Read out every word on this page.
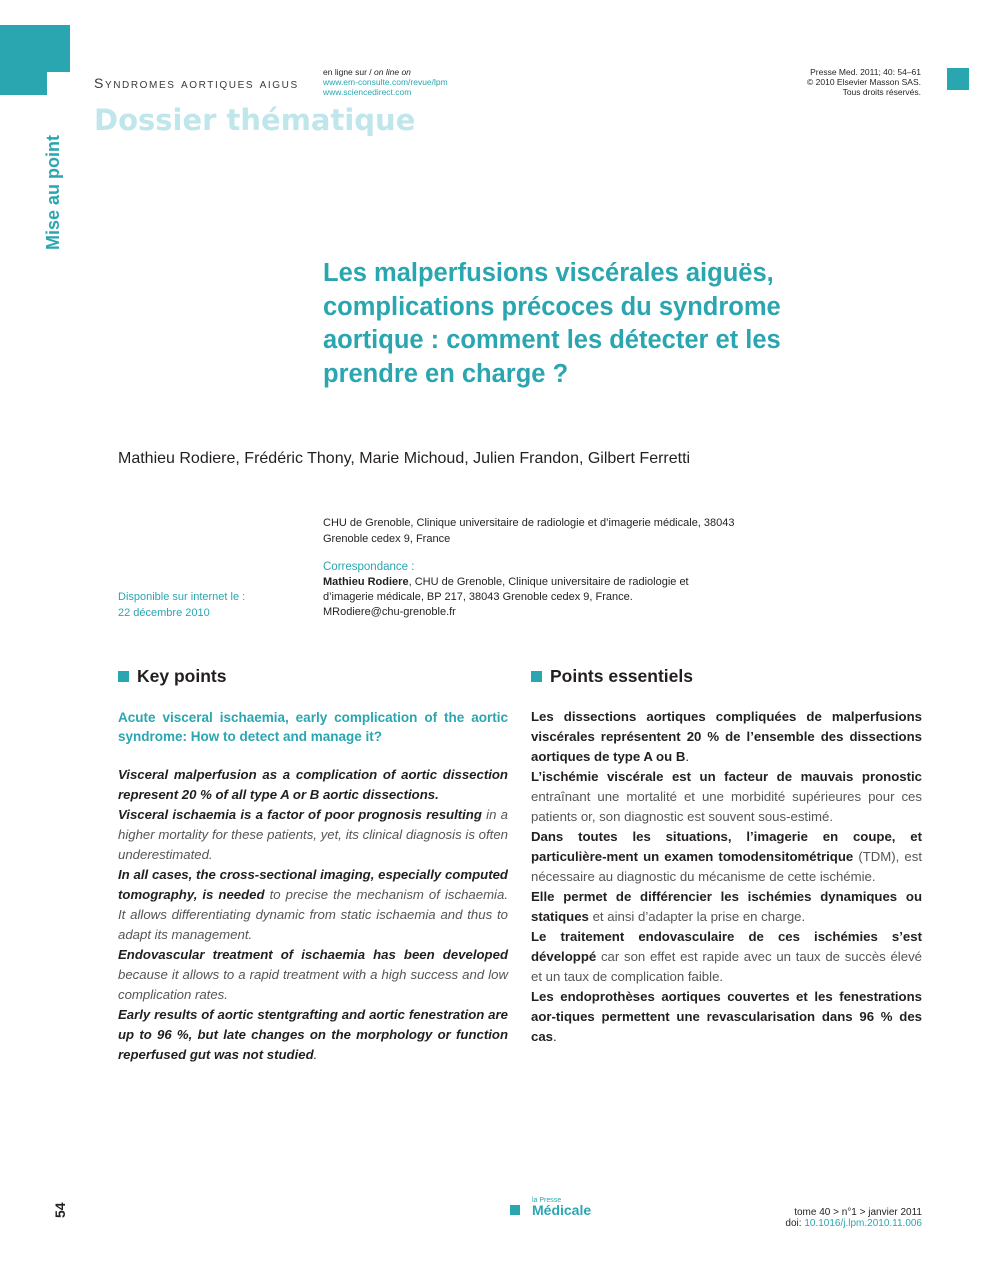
Syndromes aortiques aigus
en ligne sur / on line on
www.em-consulte.com/revue/lpm
www.sciencedirect.com
Presse Med. 2011; 40: 54–61
© 2010 Elsevier Masson SAS.
Tous droits réservés.
Dossier thématique
Mise au point
Les malperfusions viscérales aiguës,
complications précoces du syndrome
aortique : comment les détecter et les
prendre en charge ?
Mathieu Rodiere, Frédéric Thony, Marie Michoud, Julien Frandon, Gilbert Ferretti
CHU de Grenoble, Clinique universitaire de radiologie et d’imagerie médicale, 38043
Grenoble cedex 9, France
Correspondance :
Mathieu Rodiere, CHU de Grenoble, Clinique universitaire de radiologie et
d’imagerie médicale, BP 217, 38043 Grenoble cedex 9, France.
MRodiere@chu-grenoble.fr
Disponible sur internet le :
22 décembre 2010
Key points	Points essentiels
Acute visceral ischaemia, early complication of the aortic syndrome: How to detect and manage it?

Visceral malperfusion as a complication of aortic dissection represent 20 % of all type A or B aortic dissections.

Visceral ischaemia is a factor of poor prognosis resulting in a higher mortality for these patients, yet, its clinical diagnosis is often underestimated.

In all cases, the cross-sectional imaging, especially computed tomography, is needed to precise the mechanism of ischaemia. It allows differentiating dynamic from static ischaemia and thus to adapt its management.

Endovascular treatment of ischaemia has been developed because it allows to a rapid treatment with a high success and low complication rates.

Early results of aortic stentgrafting and aortic fenestration are up to 96 %, but late changes on the morphology or function reperfused gut was not studied.

Les dissections aortiques compliquées de malperfusions viscérales représentent 20 % de l’ensemble des dissections aortiques de type A ou B.

L’ischémie viscérale est un facteur de mauvais pronostic entraînant une mortalité et une morbidité supérieures pour ces patients or, son diagnostic est souvent sous-estimé.

Dans toutes les situations, l’imagerie en coupe, et particulière-ment un examen tomodensitométrique (TDM), est nécessaire au diagnostic du mécanisme de cette ischémie.

Elle permet de différencier les ischémies dynamiques ou statiques et ainsi d’adapter la prise en charge.

Le traitement endovasculaire de ces ischémies s’est développé car son effet est rapide avec un taux de succès élevé et un taux de complication faible.

Les endoprothèses aortiques couvertes et les fenestrations aor-tiques permettent une revascularisation dans 96 % des cas.

54
la Presse
Médicale	tome 40 > n°1 > janvier 2011
doi: 10.1016/j.lpm.2010.11.006
